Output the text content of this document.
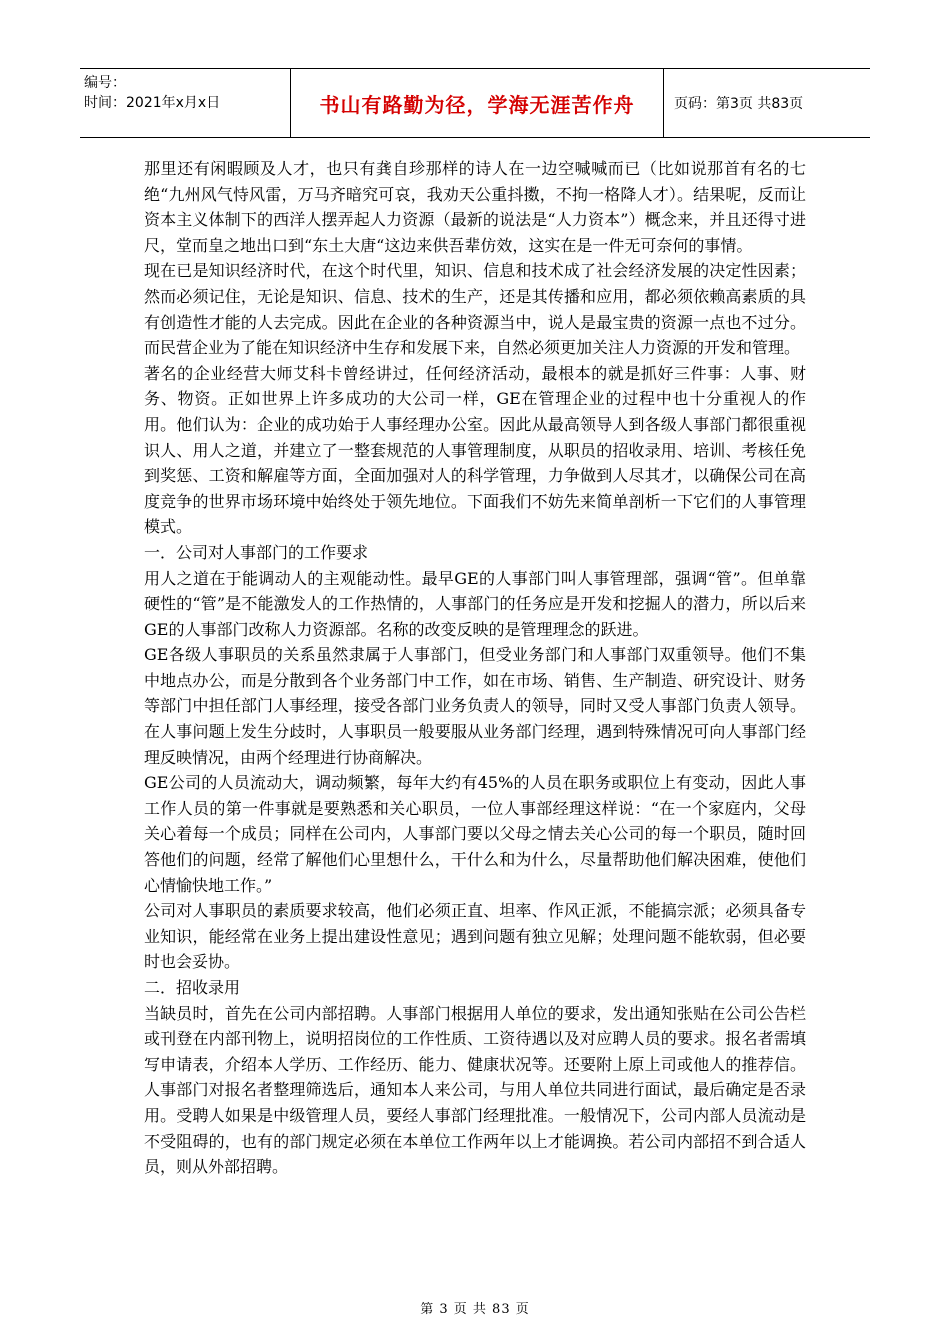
编号：
时间：2021年x月x日	书山有路勤为径，学海无涯苦作舟	页码：第3页 共83页

那里还有闲暇顾及人才，也只有龚自珍那样的诗人在一边空喊喊而已（比如说那首有名的七绝“九州风气恃风雷，万马齐暗究可哀，我劝天公重抖擞，不拘一格降人才）。结果呢，反而让资本主义体制下的西洋人摆弄起人力资源（最新的说法是“人力资本”）概念来，并且还得寸进尺，堂而皇之地出口到“东土大唐“这边来供吾辈仿效，这实在是一件无可奈何的事情。

现在已是知识经济时代，在这个时代里，知识、信息和技术成了社会经济发展的决定性因素；然而必须记住，无论是知识、信息、技术的生产，还是其传播和应用，都必须依赖高素质的具有创造性才能的人去完成。因此在企业的各种资源当中，说人是最宝贵的资源一点也不过分。而民营企业为了能在知识经济中生存和发展下来，自然必须更加关注人力资源的开发和管理。

著名的企业经营大师艾科卡曾经讲过，任何经济活动，最根本的就是抓好三件事：人事、财务、物资。正如世界上许多成功的大公司一样，GE在管理企业的过程中也十分重视人的作用。他们认为：企业的成功始于人事经理办公室。因此从最高领导人到各级人事部门都很重视识人、用人之道，并建立了一整套规范的人事管理制度，从职员的招收录用、培训、考核任免到奖惩、工资和解雇等方面，全面加强对人的科学管理，力争做到人尽其才，以确保公司在高度竞争的世界市场环境中始终处于领先地位。下面我们不妨先来简单剖析一下它们的人事管理模式。

一．公司对人事部门的工作要求

用人之道在于能调动人的主观能动性。最早GE的人事部门叫人事管理部，强调“管”。但单靠硬性的“管”是不能激发人的工作热情的，人事部门的任务应是开发和挖掘人的潜力，所以后来GE的人事部门改称人力资源部。名称的改变反映的是管理理念的跃进。

GE各级人事职员的关系虽然隶属于人事部门，但受业务部门和人事部门双重领导。他们不集中地点办公，而是分散到各个业务部门中工作，如在市场、销售、生产制造、研究设计、财务等部门中担任部门人事经理，接受各部门业务负责人的领导，同时又受人事部门负责人领导。在人事问题上发生分歧时，人事职员一般要服从业务部门经理，遇到特殊情况可向人事部门经理反映情况，由两个经理进行协商解决。

GE公司的人员流动大，调动频繁，每年大约有45%的人员在职务或职位上有变动，因此人事工作人员的第一件事就是要熟悉和关心职员，一位人事部经理这样说：“在一个家庭内，父母关心着每一个成员；同样在公司内，人事部门要以父母之情去关心公司的每一个职员，随时回答他们的问题，经常了解他们心里想什么，干什么和为什么，尽量帮助他们解决困难，使他们心情愉快地工作。”

公司对人事职员的素质要求较高，他们必须正直、坦率、作风正派，不能搞宗派；必须具备专业知识，能经常在业务上提出建设性意见；遇到问题有独立见解；处理问题不能软弱，但必要时也会妥协。

二．招收录用

当缺员时，首先在公司内部招聘。人事部门根据用人单位的要求，发出通知张贴在公司公告栏或刊登在内部刊物上，说明招岗位的工作性质、工资待遇以及对应聘人员的要求。报名者需填写申请表，介绍本人学历、工作经历、能力、健康状况等。还要附上原上司或他人的推荐信。人事部门对报名者整理筛选后，通知本人来公司，与用人单位共同进行面试，最后确定是否录用。受聘人如果是中级管理人员，要经人事部门经理批准。一般情况下，公司内部人员流动是不受阻碍的，也有的部门规定必须在本单位工作两年以上才能调换。若公司内部招不到合适人员，则从外部招聘。

第 3 页 共 83 页
